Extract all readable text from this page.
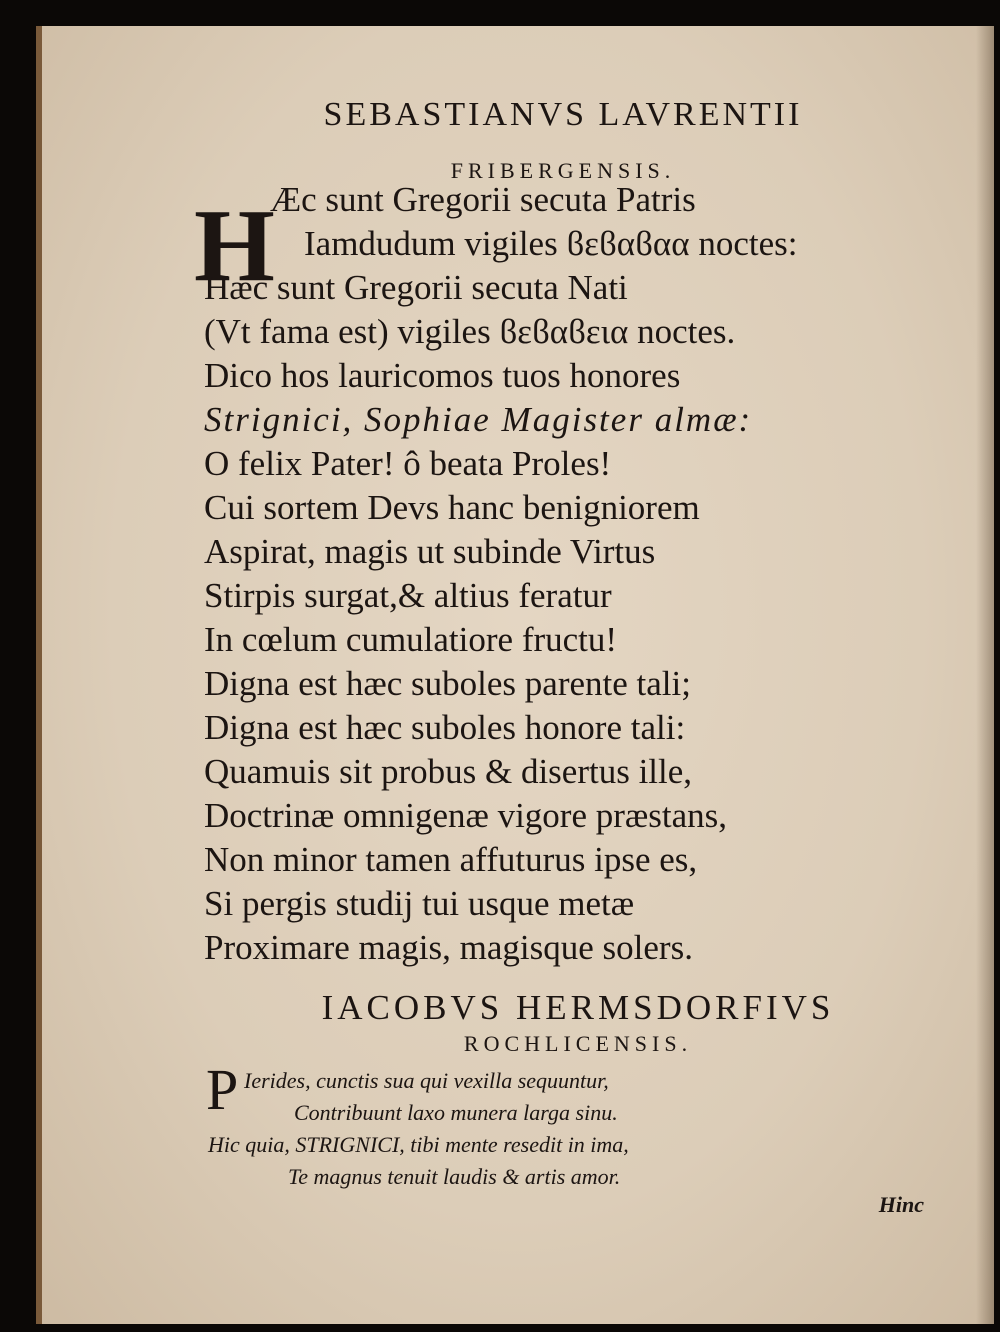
SEBASTIANVS LAVRENTII
FRIBERGENSIS.
H
Æc sunt Gregorii secuta Patris
Iamdudum vigiles ϐεϐαϐαα noctes:
Hæc sunt Gregorii secuta Nati
(Vt fama est) vigiles ϐεϐαϐεια noctes.
Dico hos lauricomos tuos honores
Strignici, Sophiae Magister almæ:
O felix Pater! ô beata Proles!
Cui sortem Devs hanc benigniorem
Aspirat, magis ut subinde Virtus
Stirpis surgat,& altius feratur
In cœlum cumulatiore fructu!
Digna est hæc suboles parente tali;
Digna est hæc suboles honore tali:
Quamuis sit probus & disertus ille,
Doctrinæ omnigenæ vigore præstans,
Non minor tamen affuturus ipse es,
Si pergis studij tui usque metæ
Proximare magis, magisque solers.
IACOBVS HERMSDORFIVS
ROCHLICENSIS.
P Ierides, cunctis sua qui vexilla sequuntur,
Contribuunt laxo munera larga sinu.
Hic quia, STRIGNICI, tibi mente resedit in ima,
Te magnus tenuit laudis & artis amor.
Hinc
